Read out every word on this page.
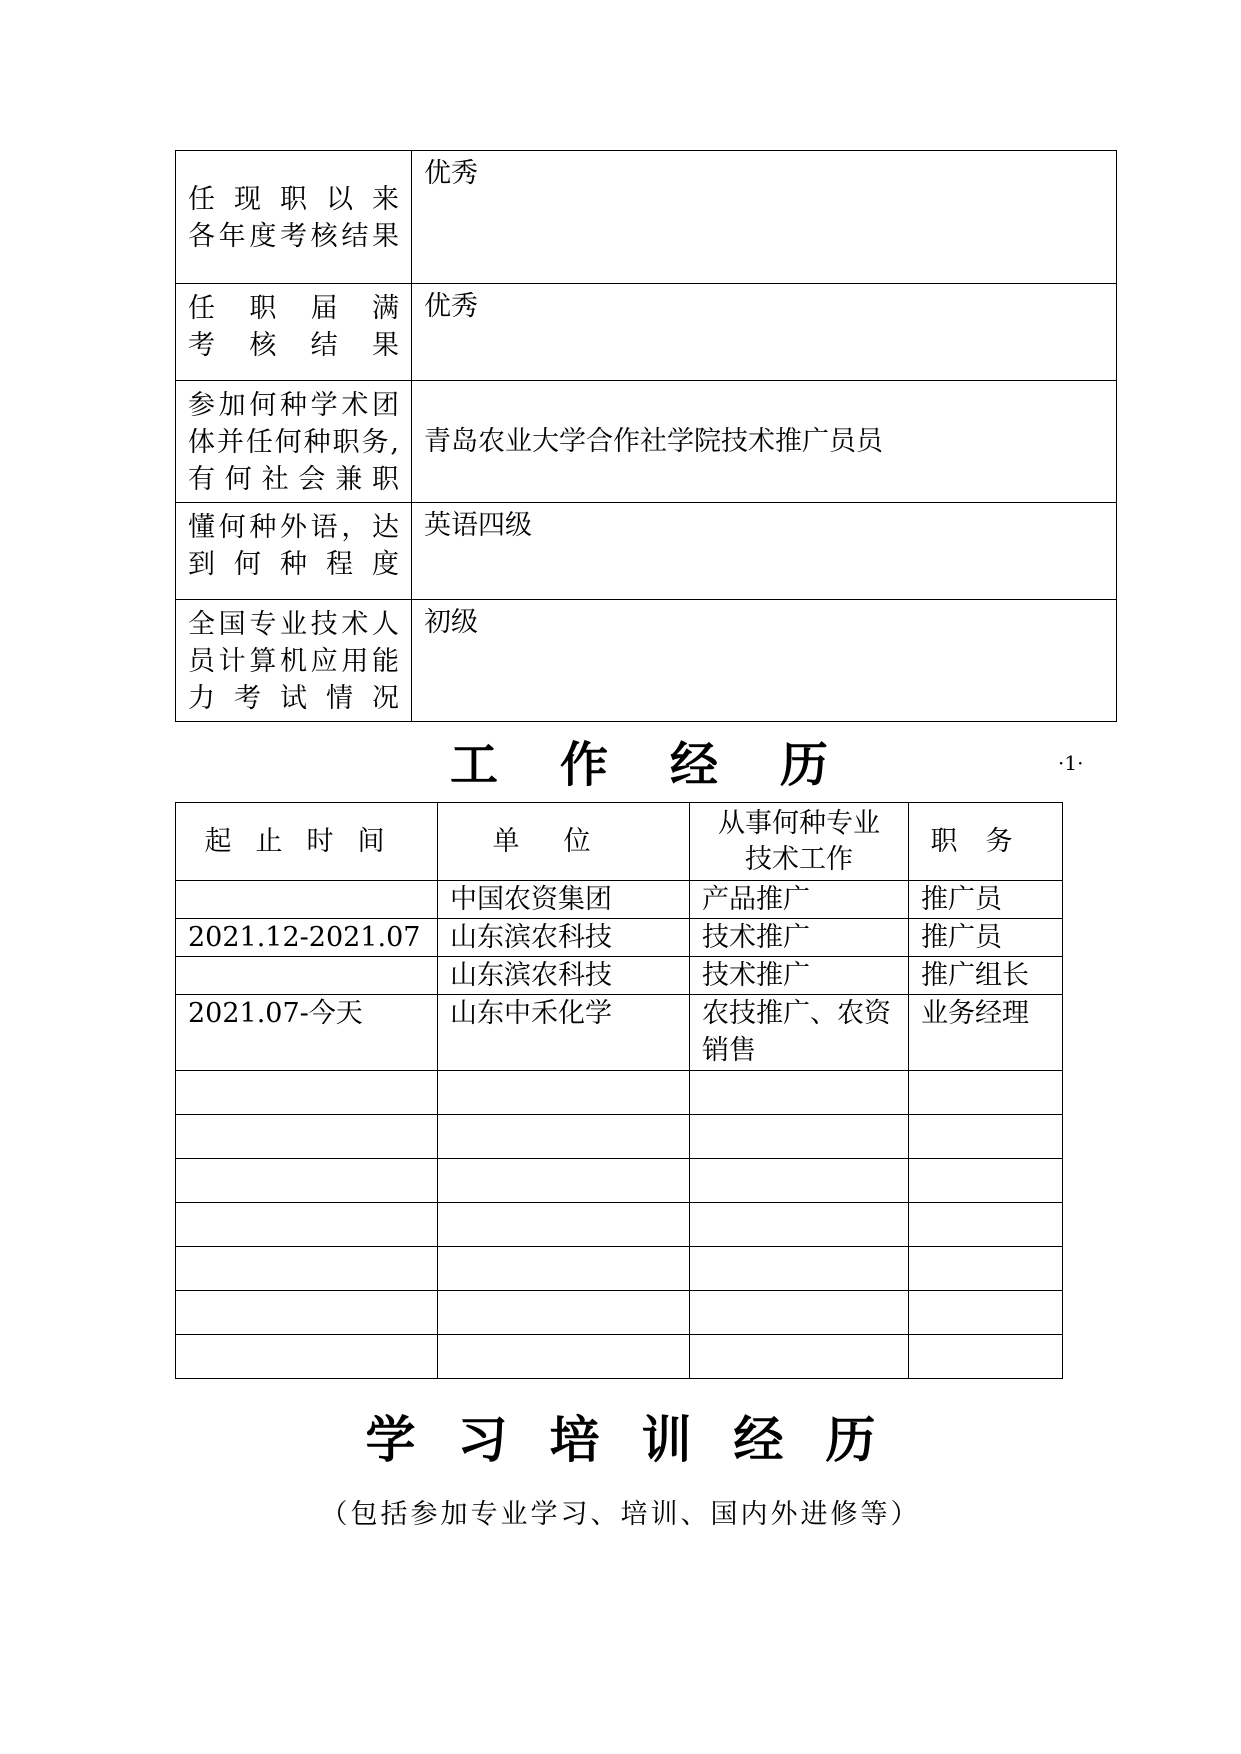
任现职以来
各年度考核结果	优秀

任职届满
考核结果	优秀

参加何种学术团
体并任何种职务,
有何社会兼职	青岛农业大学合作社学院技术推广员员

懂何种外语，达
到何种程度	英语四级

全国专业技术人
员计算机应用能
力考试情况	初级
工作经历	·1·
起止时间	单位	从事何种专业
技术工作	职务
	中国农资集团	产品推广	推广员
2021.12-2021.07	山东滨农科技	技术推广	推广员
	山东滨农科技	技术推广	推广组长
2021.07-今天	山东中禾化学	农技推广、农资
销售	业务经理

学习培训经历
（包括参加专业学习、培训、国内外进修等）
